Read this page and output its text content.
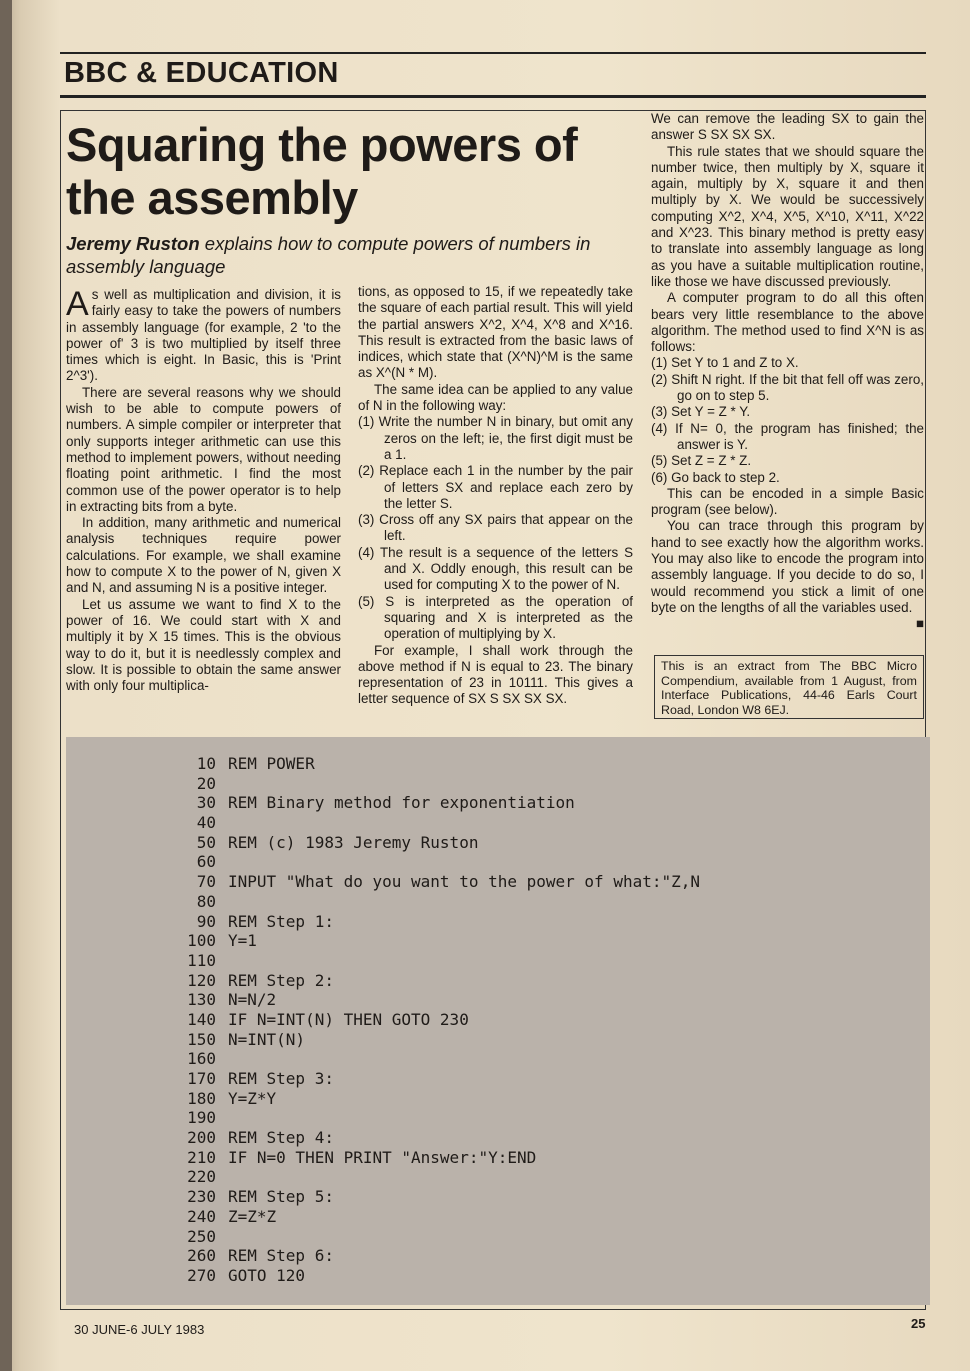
BBC & EDUCATION
Squaring the powers of the assembly
Jeremy Ruston explains how to compute powers of numbers in assembly language

As well as multiplication and division, it is fairly easy to take the powers of numbers in assembly language (for example, 2 'to the power of' 3 is two multiplied by itself three times which is eight. In Basic, this is 'Print 2^3').

There are several reasons why we should wish to be able to compute powers of numbers. A simple compiler or interpreter that only supports integer arithmetic can use this method to implement powers, without needing floating point arithmetic. I find the most common use of the power operator is to help in extracting bits from a byte.

In addition, many arithmetic and numerical analysis techniques require power calculations. For example, we shall examine how to compute X to the power of N, given X and N, and assuming N is a positive integer.

Let us assume we want to find X to the power of 16. We could start with X and multiply it by X 15 times. This is the obvious way to do it, but it is needlessly complex and slow. It is possible to obtain the same answer with only four multiplica-

tions, as opposed to 15, if we repeatedly take the square of each partial result. This will yield the partial answers X^2, X^4, X^8 and X^16. This result is extracted from the basic laws of indices, which state that (X^N)^M is the same as X^(N * M).

The same idea can be applied to any value of N in the following way:

(1) Write the number N in binary, but omit any zeros on the left; ie, the first digit must be a 1.
(2) Replace each 1 in the number by the pair of letters SX and replace each zero by the letter S.
(3) Cross off any SX pairs that appear on the left.
(4) The result is a sequence of the letters S and X. Oddly enough, this result can be used for computing X to the power of N.
(5) S is interpreted as the operation of squaring and X is interpreted as the operation of multiplying by X.

For example, I shall work through the above method if N is equal to 23. The binary representation of 23 in 10111. This gives a letter sequence of SX S SX SX SX.

We can remove the leading SX to gain the answer S SX SX SX.

This rule states that we should square the number twice, then multiply by X, square it again, multiply by X, square it and then multiply by X. We would be successively computing X^2, X^4, X^5, X^10, X^11, X^22 and X^23. This binary method is pretty easy to translate into assembly language as long as you have a suitable multiplication routine, like those we have discussed previously.

A computer program to do all this often bears very little resemblance to the above algorithm. The method used to find X^N is as follows:

(1) Set Y to 1 and Z to X.
(2) Shift N right. If the bit that fell off was zero, go on to step 5.
(3) Set Y = Z * Y.
(4) If N= 0, the program has finished; the answer is Y.
(5) Set Z = Z * Z.
(6) Go back to step 2.

This can be encoded in a simple Basic program (see below).

You can trace through this program by hand to see exactly how the algorithm works. You may also like to encode the program into assembly language. If you decide to do so, I would recommend you stick a limit of one byte on the lengths of all the variables used.
■

This is an extract from The BBC Micro Compendium, available from 1 August, from Interface Publications, 44-46 Earls Court Road, London W8 6EJ.
10 REM POWER
20
30 REM Binary method for exponentiation
40
50 REM (c) 1983 Jeremy Ruston
60
70 INPUT "What do you want to the power of what:"Z,N
80
90 REM Step 1:
100 Y=1
110
120 REM Step 2:
130 N=N/2
140 IF N=INT(N) THEN GOTO 230
150 N=INT(N)
160
170 REM Step 3:
180 Y=Z*Y
190
200 REM Step 4:
210 IF N=0 THEN PRINT "Answer:"Y:END
220
230 REM Step 5:
240 Z=Z*Z
250
260 REM Step 6:
270 GOTO 120
30 JUNE-6 JULY 1983	25
